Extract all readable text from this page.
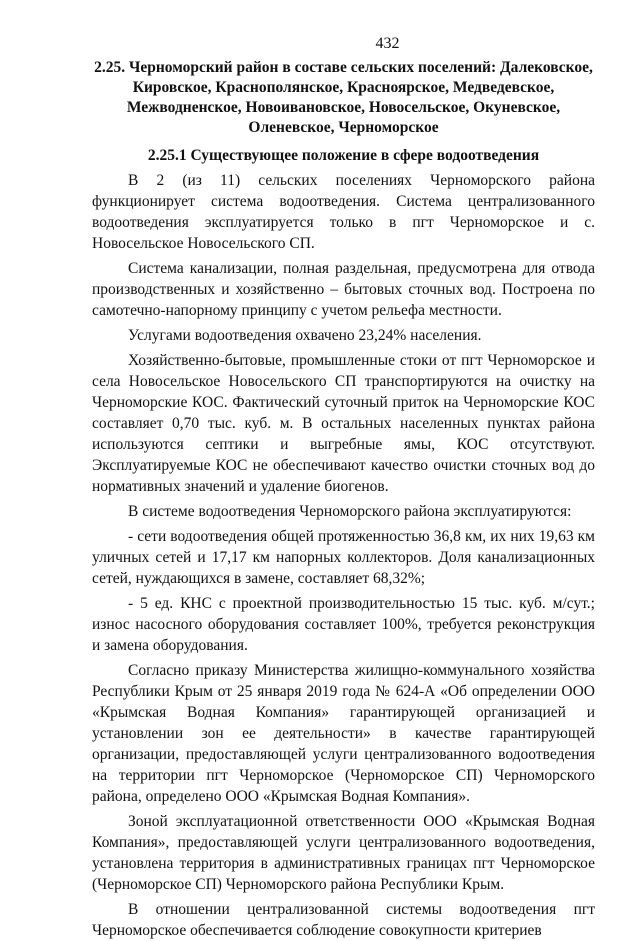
432
2.25. Черноморский район в составе сельских поселений: Далековское, Кировское, Краснополянское, Красноярское, Медведевское, Межводненское, Новоивановское, Новосельское, Окуневское, Оленевское, Черноморское
2.25.1 Существующее положение в сфере водоотведения

В 2 (из 11) сельских поселениях Черноморского района функционирует система водоотведения. Система централизованного водоотведения эксплуатируется только в пгт Черноморское и с. Новосельское Новосельского СП.

Система канализации, полная раздельная, предусмотрена для отвода производственных и хозяйственно – бытовых сточных вод. Построена по самотечно-напорному принципу с учетом рельефа местности.

Услугами водоотведения охвачено 23,24% населения.

Хозяйственно-бытовые, промышленные стоки от пгт Черноморское и села Новосельское Новосельского СП транспортируются на очистку на Черноморские КОС. Фактический суточный приток на Черноморские КОС составляет 0,70 тыс. куб. м. В остальных населенных пунктах района используются септики и выгребные ямы, КОС отсутствуют. Эксплуатируемые КОС не обеспечивают качество очистки сточных вод до нормативных значений и удаление биогенов.

В системе водоотведения Черноморского района эксплуатируются:

- сети водоотведения общей протяженностью 36,8 км, их них 19,63 км уличных сетей и 17,17 км напорных коллекторов. Доля канализационных сетей, нуждающихся в замене, составляет 68,32%;

- 5 ед. КНС с проектной производительностью 15 тыс. куб. м/сут.; износ насосного оборудования составляет 100%, требуется реконструкция и замена оборудования.

Согласно приказу Министерства жилищно-коммунального хозяйства Республики Крым от 25 января 2019 года № 624-А «Об определении ООО «Крымская Водная Компания» гарантирующей организацией и установлении зон ее деятельности» в качестве гарантирующей организации, предоставляющей услуги централизованного водоотведения на территории пгт Черноморское (Черноморское СП) Черноморского района, определено ООО «Крымская Водная Компания».

Зоной эксплуатационной ответственности ООО «Крымская Водная Компания», предоставляющей услуги централизованного водоотведения, установлена территория в административных границах пгт Черноморское (Черноморское СП) Черноморского района Республики Крым.

В отношении централизованной системы водоотведения пгт Черноморское обеспечивается соблюдение совокупности критериев
